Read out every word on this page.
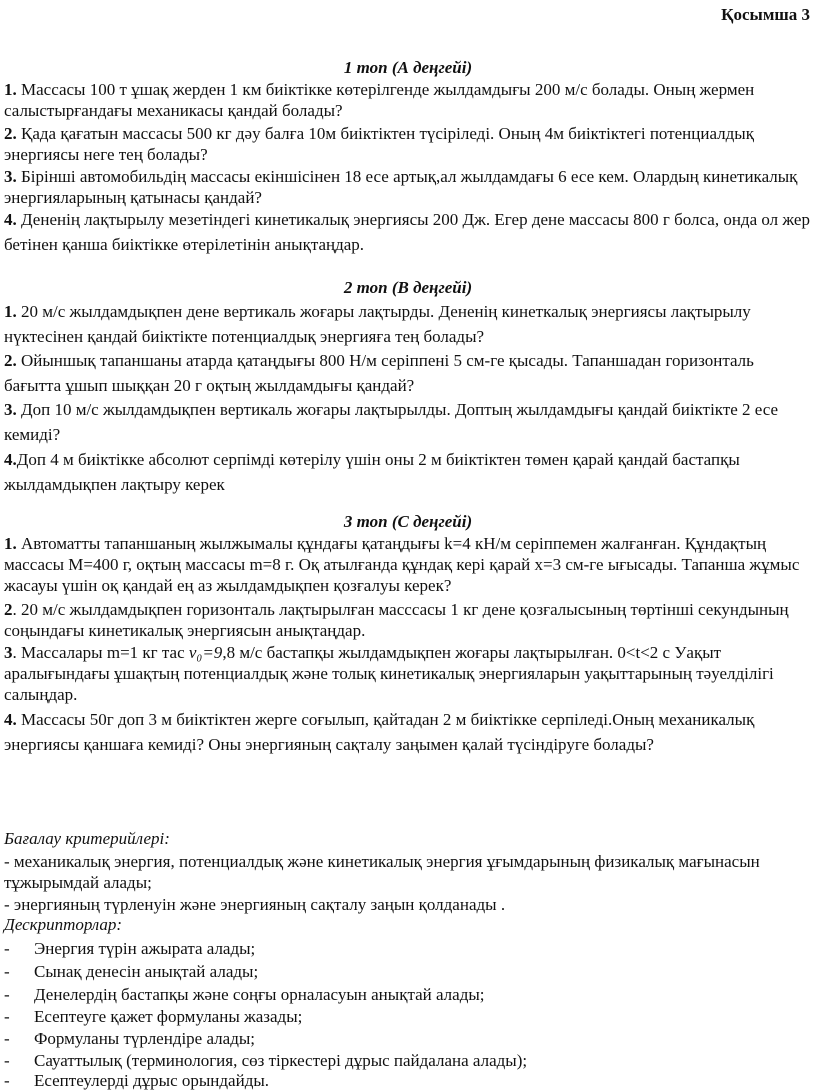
Қосымша 3
1 топ (А деңгейі)
1. Массасы 100 т ұшақ жерден 1 км биіктікке көтерілгенде жылдамдығы 200 м/с болады. Оның жермен салыстырғандағы механикасы қандай болады?
2. Қада қағатын массасы 500 кг дәу балға 10м биіктіктен түсіріледі. Оның 4м биіктіктегі потенциалдық энергиясы неге тең болады?
3. Бірінші автомобильдің массасы екіншісінен 18 есе артық,ал жылдамдағы 6 есе кем. Олардың кинетикалық энергияларының қатынасы қандай?
4. Дененің лақтырылу мезетіндегі кинетикалық энергиясы 200 Дж. Егер дене массасы 800 г болса, онда ол жер бетінен қанша биіктікке өтерілетінін анықтаңдар.
2 топ (В деңгейі)
1. 20 м/с жылдамдықпен дене вертикаль жоғары лақтырды. Дененің кинеткалық энергиясы лақтырылу нүктесінен қандай биіктікте потенциалдық энергияға тең болады?
2. Ойыншық тапаншаны атарда қатаңдығы 800 Н/м серіппені 5 см-ге қысады. Тапаншадан горизонталь бағытта ұшып шыққан 20 г оқтың жылдамдығы қандай?
3. Доп 10 м/с жылдамдықпен вертикаль жоғары лақтырылды. Доптың жылдамдығы қандай биіктікте 2 есе кемиді?
4.Доп 4 м биіктікке абсолют серпімді көтерілу үшін оны 2 м биіктіктен төмен қарай қандай бастапқы жылдамдықпен лақтыру керек
3 топ (С деңгейі)
1. Автоматты тапаншаның жылжымалы құндағы қатаңдығы k=4 кН/м серіппемен жалғанған. Құндақтың массасы M=400 г, оқтың массасы m=8 г. Оқ атылғанда құндақ кері қарай x=3 см-ге ығысады. Тапанша жұмыс жасауы үшін оқ қандай ең аз жылдамдықпен қозғалуы керек?
2. 20 м/с жылдамдықпен горизонталь лақтырылған масссасы 1 кг дене қозғалысының төртінші секундының соңындағы кинетикалық энергиясын анықтаңдар.
3. Массалары m=1 кг тас v₀=9,8 м/с бастапқы жылдамдықпен жоғары лақтырылған. 0<t<2 с Уақыт аралығындағы ұшақтың потенциалдық және толық кинетикалық энергияларын уақыттарының тәуелділігі салыңдар.
4. Массасы 50г доп 3 м биіктіктен жерге соғылып, қайтадан 2 м биіктікке серпіледі.Оның механикалық энергиясы қаншаға кемиді? Оны энергияның сақталу заңымен қалай түсіндіруге болады?
Бағалау критерийлері:
- механикалық энергия, потенциалдық және кинетикалық энергия ұғымдарының физикалық мағынасын тұжырымдай алады;
- энергияның түрленуін және энергияның сақталу заңын қолданады .
Дескрипторлар:
- Энергия түрін ажырата алады;
- Сынақ денесін анықтай алады;
- Денелердің бастапқы және соңғы орналасуын анықтай алады;
- Есептеуге қажет формуланы жазады;
- Формуланы түрлендіре алады;
- Сауаттылық (терминология, сөз тіркестері дұрыс пайдалана алады);
- Есептеулерді дұрыс орындайды.
